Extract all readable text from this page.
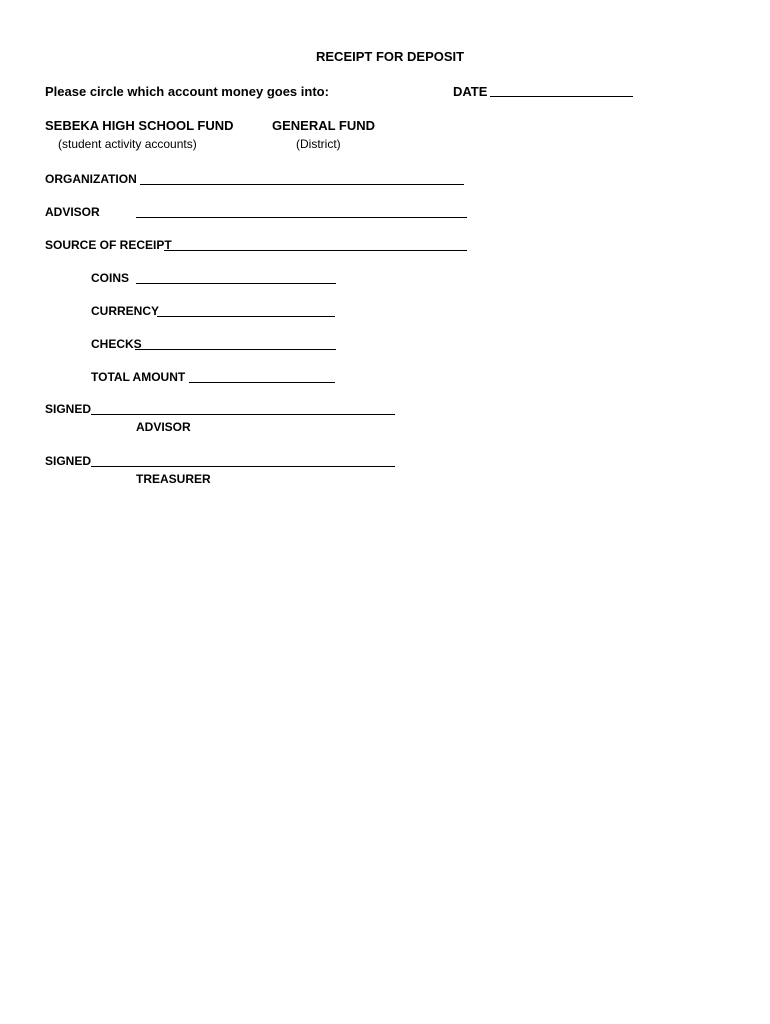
RECEIPT FOR DEPOSIT
Please circle which account money goes into:	DATE
SEBEKA HIGH SCHOOL FUND
(student activity accounts)
GENERAL FUND
(District)
ORGANIZATION
ADVISOR
SOURCE OF RECEIPT
COINS
CURRENCY
CHECKS
TOTAL AMOUNT
SIGNED
ADVISOR
SIGNED
TREASURER
